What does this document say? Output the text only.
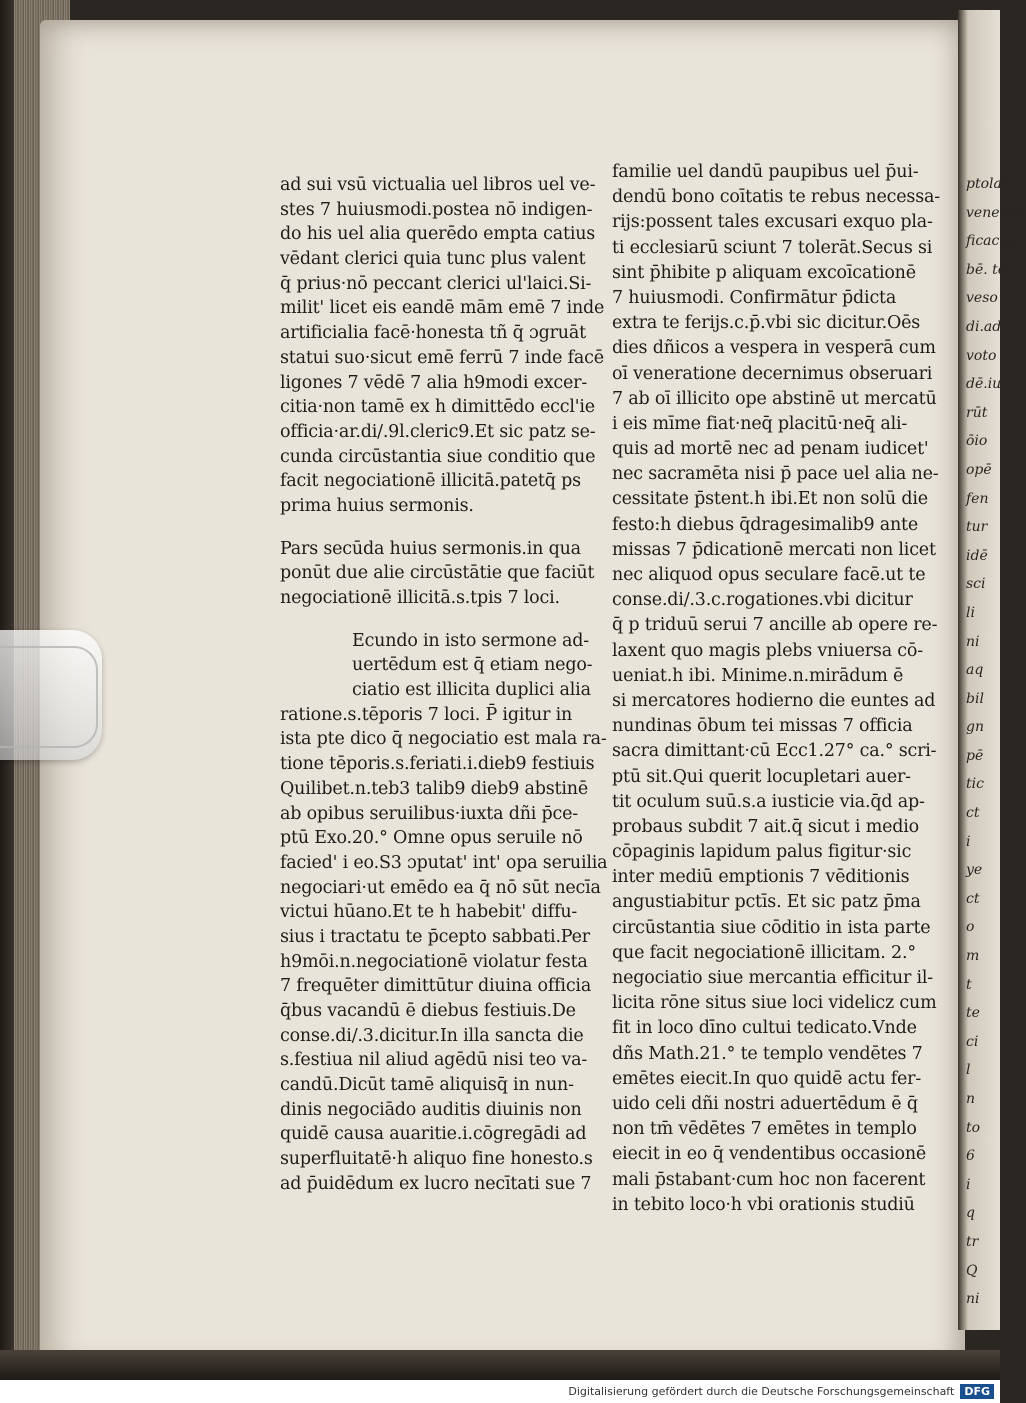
ptolatri
veneran
ficacion
bē. te i
veso
di.ad
voto
dē.iu
rūt
ōio
opē
fen
tur
idē
sci
li
ni
aq
bil
gn
pē
tic
ct
i
ye
ct
o
m
t
te
ci
l
n
to
6
i
q
tr
Q
ni
ad sui vsū victualia uel libros uel ve-
stes 7 huiusmodi.postea nō indigen-
do his uel alia querēdo empta catius
vēdant clerici quia tunc plus valent
q̄ prius·nō peccant clerici ul'laici.Si-
milit' licet eis eandē mām emē 7 inde
artificialia facē·honesta tñ q̄ ɔgruāt
statui suo·sicut emē ferrū 7 inde facē
ligones 7 vēdē 7 alia h9modi excer-
citia·non tamē ex h dimittēdo eccl'ie
officia·ar.di/.9l.cleric9.Et sic patz se-
cunda circūstantia siue conditio que
facit negociationē illicitā.patetq̄ ps
prima huius sermonis.
Pars secūda huius sermonis.in qua
ponūt due alie circūstātie que faciūt
negociationē illicitā.s.tpis 7 loci.
Ecundo in isto sermone ad-
uertēdum est q̄ etiam nego-
ciatio est illicita duplici alia
ratione.s.tēporis 7 loci. P̄ igitur in
ista pte dico q̄ negociatio est mala ra-
tione tēporis.s.feriati.i.dieb9 festiuis
Quilibet.n.teb3 talib9 dieb9 abstinē
ab opibus seruilibus·iuxta dñi p̄ce-
ptū Exo.20.° Omne opus seruile nō
facied' i eo.S3 ɔputat' int' opa seruilia
negociari·ut emēdo ea q̄ nō sūt necīa
victui hūano.Et te h habebit' diffu-
sius i tractatu te p̄cepto sabbati.Per
h9mōi.n.negociationē violatur festa
7 frequēter dimittūtur diuina officia
q̄bus vacandū ē diebus festiuis.De
conse.di/.3.dicitur.In illa sancta die
s.festiua nil aliud agēdū nisi teo va-
candū.Dicūt tamē aliquisq̄ in nun-
dinis negociādo auditis diuinis non
quidē causa auaritie.i.cōgregādi ad
superfluitatē·h aliquo fine honesto.s
ad p̄uidēdum ex lucro necītati sue 7
familie uel dandū paupibus uel p̄ui-
dendū bono coītatis te rebus necessa-
rijs:possent tales excusari exquo pla-
ti ecclesiarū sciunt 7 tolerāt.Secus si
sint p̄hibite p aliquam excoīcationē
7 huiusmodi. Confirmātur p̄dicta
extra te ferijs.c.p̄.vbi sic dicitur.Oēs
dies dñicos a vespera in vesperā cum
oī veneratione decernimus obseruari
7 ab oī illicito ope abstinē ut mercatū
i eis mīme fiat·neq̄ placitū·neq̄ ali-
quis ad mortē nec ad penam iudicet'
nec sacramēta nisi p̄ pace uel alia ne-
cessitate p̄stent.h ibi.Et non solū die
festo:h diebus q̄dragesimalib9 ante
missas 7 p̄dicationē mercati non licet
nec aliquod opus seculare facē.ut te
conse.di/.3.c.rogationes.vbi dicitur
q̄ p triduū serui 7 ancille ab opere re-
laxent quo magis plebs vniuersa cō-
ueniat.h ibi. Minime.n.mirādum ē
si mercatores hodierno die euntes ad
nundinas ōbum tei missas 7 officia
sacra dimittant·cū Ecc1.27° ca.° scri-
ptū sit.Qui querit locupletari auer-
tit oculum suū.s.a iusticie via.q̄d ap-
probaus subdit 7 ait.q̄ sicut i medio
cōpaginis lapidum palus figitur·sic
inter mediū emptionis 7 vēditionis
angustiabitur pctīs. Et sic patz p̄ma
circūstantia siue cōditio in ista parte
que facit negociationē illicitam. 2.°
negociatio siue mercantia efficitur il-
licita rōne situs siue loci videlicz cum
fit in loco dīno cultui tedicato.Vnde
dñs Math.21.° te templo vendētes 7
emētes eiecit.In quo quidē actu fer-
uido celi dñi nostri aduertēdum ē q̄
non tm̄ vēdētes 7 emētes in templo
eiecit in eo q̄ vendentibus occasionē
mali p̄stabant·cum hoc non facerent
in tebito loco·h vbi orationis studiū
Digitalisierung gefördert durch die Deutsche Forschungsgemeinschaft DFG
